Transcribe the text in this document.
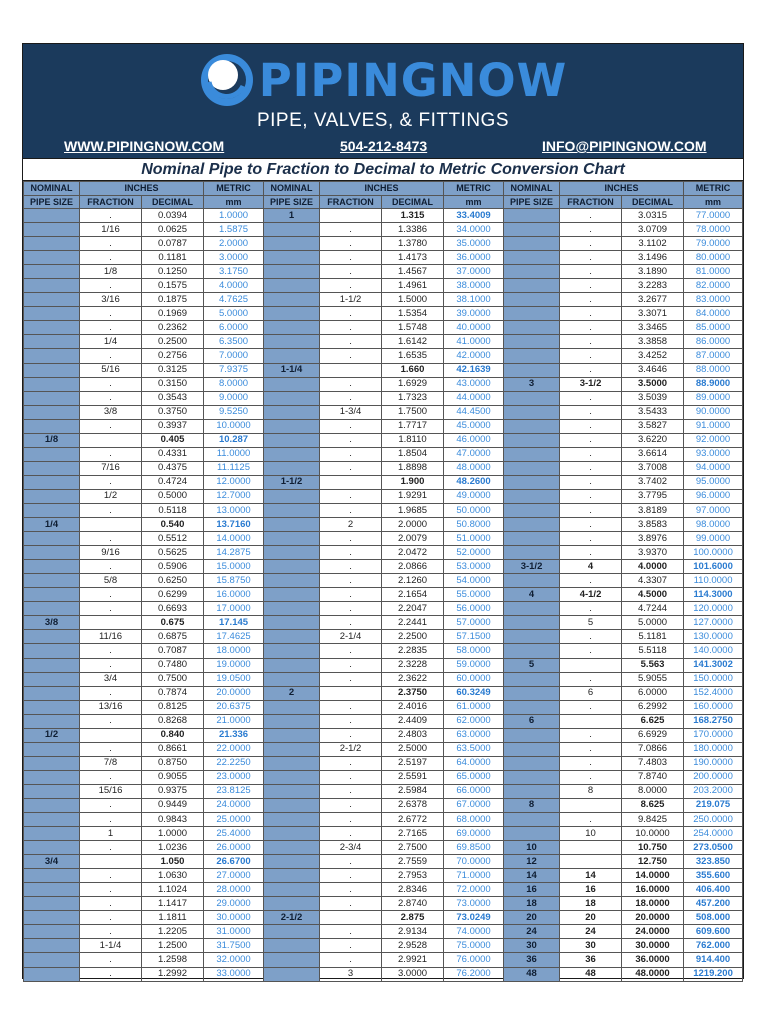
PIPINGNOW
PIPE, VALVES, & FITTINGS
WWW.PIPINGNOW.COM	504-212-8473	INFO@PIPINGNOW.COM
Nominal Pipe to Fraction to Decimal to Metric Conversion Chart
NOMINAL	INCHES		METRIC	NOMINAL	INCHES		METRIC	NOMINAL	INCHES		METRIC
PIPE SIZE	FRACTION	DECIMAL	mm	PIPE SIZE	FRACTION	DECIMAL	mm	PIPE SIZE	FRACTION	DECIMAL	mm
	.	0.0394	1.0000	1		1.315	33.4009		.	3.0315	77.0000
	1/16	0.0625	1.5875		.	1.3386	34.0000		.	3.0709	78.0000
	.	0.0787	2.0000		.	1.3780	35.0000		.	3.1102	79.0000
	.	0.1181	3.0000		.	1.4173	36.0000		.	3.1496	80.0000
	1/8	0.1250	3.1750		.	1.4567	37.0000		.	3.1890	81.0000
	.	0.1575	4.0000		.	1.4961	38.0000		.	3.2283	82.0000
	3/16	0.1875	4.7625		1-1/2	1.5000	38.1000		.	3.2677	83.0000
	.	0.1969	5.0000		.	1.5354	39.0000		.	3.3071	84.0000
	.	0.2362	6.0000		.	1.5748	40.0000		.	3.3465	85.0000
	1/4	0.2500	6.3500		.	1.6142	41.0000		.	3.3858	86.0000
	.	0.2756	7.0000		.	1.6535	42.0000		.	3.4252	87.0000
	5/16	0.3125	7.9375	1-1/4		1.660	42.1639		.	3.4646	88.0000
	.	0.3150	8.0000		.	1.6929	43.0000	3	3-1/2	3.5000	88.9000
	.	0.3543	9.0000		.	1.7323	44.0000		.	3.5039	89.0000
	3/8	0.3750	9.5250		1-3/4	1.7500	44.4500		.	3.5433	90.0000
	.	0.3937	10.0000		.	1.7717	45.0000		.	3.5827	91.0000
1/8		0.405	10.287		.	1.8110	46.0000		.	3.6220	92.0000
	.	0.4331	11.0000		.	1.8504	47.0000		.	3.6614	93.0000
	7/16	0.4375	11.1125		.	1.8898	48.0000		.	3.7008	94.0000
	.	0.4724	12.0000	1-1/2		1.900	48.2600		.	3.7402	95.0000
	1/2	0.5000	12.7000		.	1.9291	49.0000		.	3.7795	96.0000
	.	0.5118	13.0000		.	1.9685	50.0000		.	3.8189	97.0000
1/4		0.540	13.7160		2	2.0000	50.8000		.	3.8583	98.0000
	.	0.5512	14.0000		.	2.0079	51.0000		.	3.8976	99.0000
	9/16	0.5625	14.2875		.	2.0472	52.0000		.	3.9370	100.0000
	.	0.5906	15.0000		.	2.0866	53.0000	3-1/2	4	4.0000	101.6000
	5/8	0.6250	15.8750		.	2.1260	54.0000		.	4.3307	110.0000
	.	0.6299	16.0000		.	2.1654	55.0000	4	4-1/2	4.5000	114.3000
	.	0.6693	17.0000		.	2.2047	56.0000		.	4.7244	120.0000
3/8		0.675	17.145		.	2.2441	57.0000		5	5.0000	127.0000
	11/16	0.6875	17.4625		2-1/4	2.2500	57.1500		.	5.1181	130.0000
	.	0.7087	18.0000		.	2.2835	58.0000		.	5.5118	140.0000
	.	0.7480	19.0000		.	2.3228	59.0000	5		5.563	141.3002
	3/4	0.7500	19.0500		.	2.3622	60.0000		.	5.9055	150.0000
	.	0.7874	20.0000	2		2.3750	60.3249		6	6.0000	152.4000
	13/16	0.8125	20.6375		.	2.4016	61.0000		.	6.2992	160.0000
	.	0.8268	21.0000		.	2.4409	62.0000	6		6.625	168.2750
1/2		0.840	21.336		.	2.4803	63.0000		.	6.6929	170.0000
	.	0.8661	22.0000		2-1/2	2.5000	63.5000		.	7.0866	180.0000
	7/8	0.8750	22.2250		.	2.5197	64.0000		.	7.4803	190.0000
	.	0.9055	23.0000		.	2.5591	65.0000		.	7.8740	200.0000
	15/16	0.9375	23.8125		.	2.5984	66.0000		8	8.0000	203.2000
	.	0.9449	24.0000		.	2.6378	67.0000	8		8.625	219.075
	.	0.9843	25.0000		.	2.6772	68.0000		.	9.8425	250.0000
	1	1.0000	25.4000		.	2.7165	69.0000		10	10.0000	254.0000
	.	1.0236	26.0000		2-3/4	2.7500	69.8500	10		10.750	273.0500
3/4		1.050	26.6700		.	2.7559	70.0000	12		12.750	323.850
	.	1.0630	27.0000		.	2.7953	71.0000	14	14	14.0000	355.600
	.	1.1024	28.0000		.	2.8346	72.0000	16	16	16.0000	406.400
	.	1.1417	29.0000		.	2.8740	73.0000	18	18	18.0000	457.200
	.	1.1811	30.0000	2-1/2		2.875	73.0249	20	20	20.0000	508.000
	.	1.2205	31.0000		.	2.9134	74.0000	24	24	24.0000	609.600
	1-1/4	1.2500	31.7500		.	2.9528	75.0000	30	30	30.0000	762.000
	.	1.2598	32.0000		.	2.9921	76.0000	36	36	36.0000	914.400
	.	1.2992	33.0000		3	3.0000	76.2000	48	48	48.0000	1219.200
